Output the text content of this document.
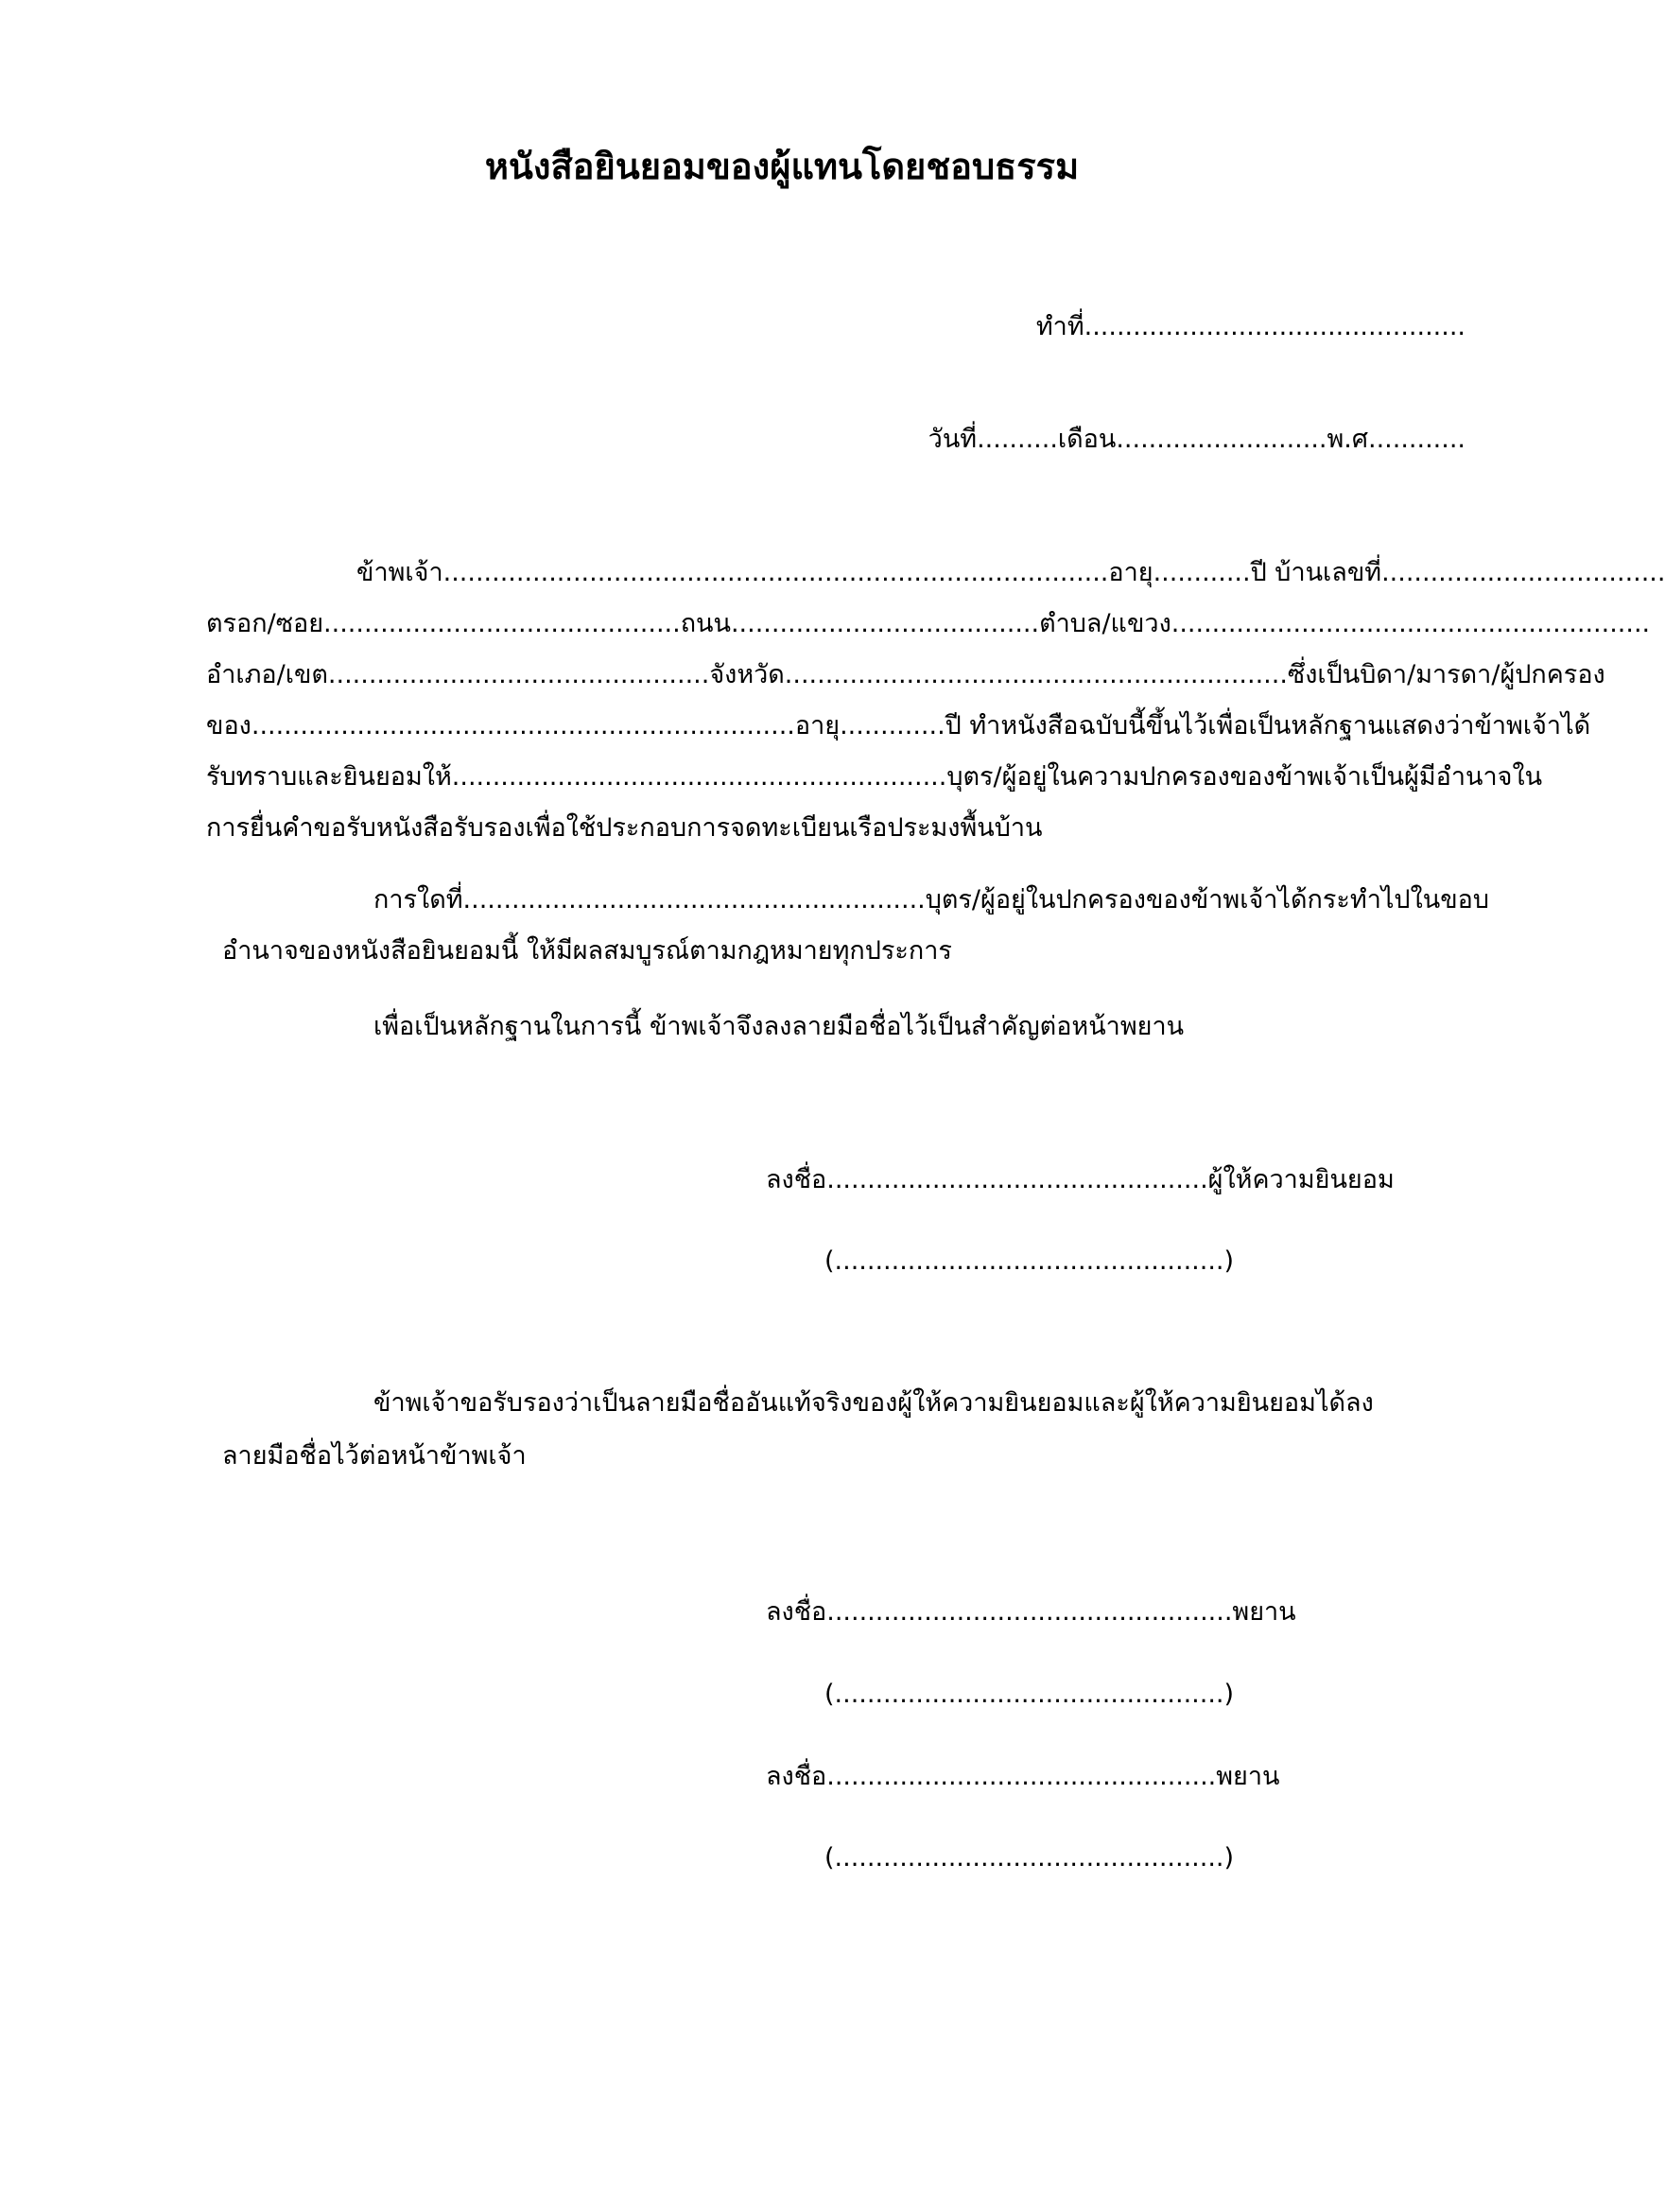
หนังสือยินยอมของผู้แทนโดยชอบธรรม
ทำที่...............................................
วันที่..........เดือน..........................พ.ศ............
ข้าพเจ้า..................................................................................อายุ............ปี บ้านเลขที่...................................
ตรอก/ซอย............................................ถนน......................................ตำบล/แขวง...........................................................
อำเภอ/เขต...............................................จังหวัด..............................................................ซึ่งเป็นบิดา/มารดา/ผู้ปกครอง
ของ...................................................................อายุ.............ปี ทำหนังสือฉบับนี้ขึ้นไว้เพื่อเป็นหลักฐานแสดงว่าข้าพเจ้าได้
รับทราบและยินยอมให้.............................................................บุตร/ผู้อยู่ในความปกครองของข้าพเจ้าเป็นผู้มีอำนาจใน
การยื่นคำขอรับหนังสือรับรองเพื่อใช้ประกอบการจดทะเบียนเรือประมงพื้นบ้าน
การใดที่.........................................................บุตร/ผู้อยู่ในปกครองของข้าพเจ้าได้กระทำไปในขอบ
อำนาจของหนังสือยินยอมนี้ ให้มีผลสมบูรณ์ตามกฎหมายทุกประการ
เพื่อเป็นหลักฐานในการนี้ ข้าพเจ้าจึงลงลายมือชื่อไว้เป็นสำคัญต่อหน้าพยาน
ลงชื่อ...............................................ผู้ให้ความยินยอม
(................................................)
ข้าพเจ้าขอรับรองว่าเป็นลายมือชื่ออันแท้จริงของผู้ให้ความยินยอมและผู้ให้ความยินยอมได้ลง
ลายมือชื่อไว้ต่อหน้าข้าพเจ้า
ลงชื่อ..................................................พยาน
(................................................)
ลงชื่อ................................................พยาน
(................................................)
